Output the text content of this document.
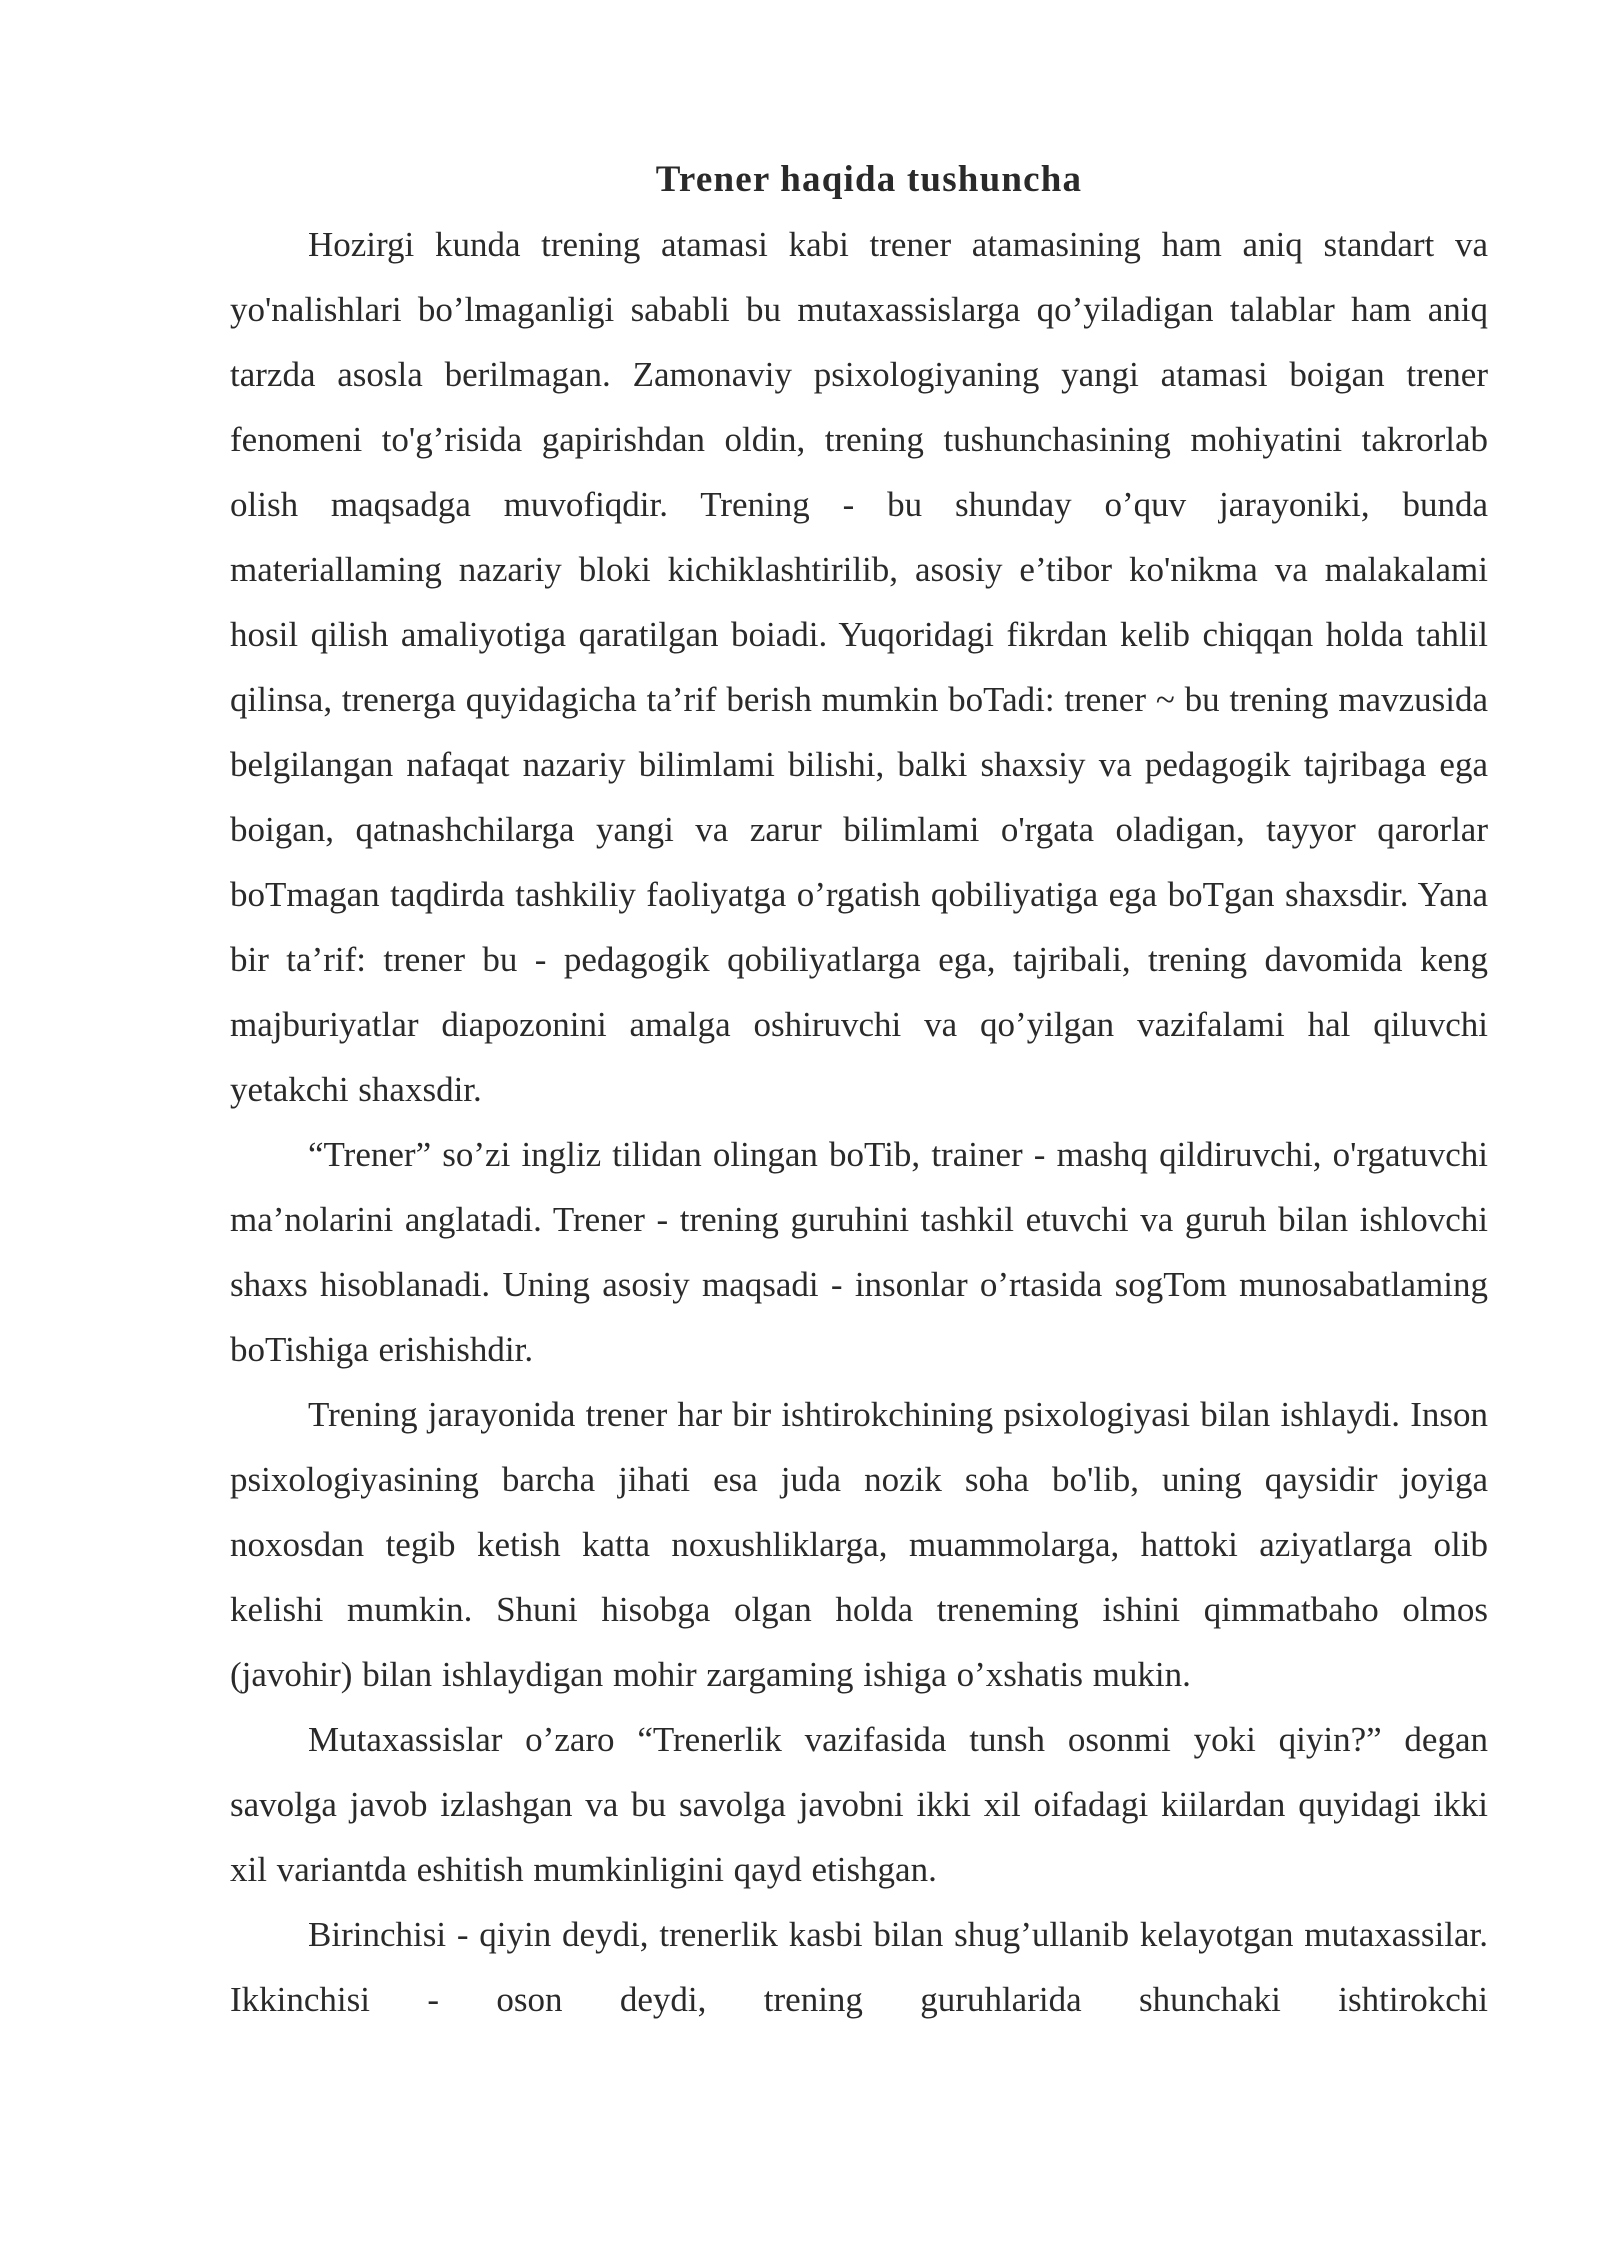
Trener haqida tushuncha

Hozirgi kunda trening atamasi kabi trener atamasining ham aniq standart va yo'nalishlari bo’lmaganligi sababli bu mutaxassislarga qo’yiladigan talablar ham aniq tarzda asosla berilmagan. Zamonaviy psixologiyaning yangi atamasi boigan trener fenomeni to'g’risida gapirishdan oldin, trening tushunchasining mohiyatini takrorlab olish maqsadga muvofiqdir. Trening - bu shunday o’quv jarayoniki, bunda materiallaming nazariy bloki kichiklashtirilib, asosiy e’tibor ko'nikma va malakalami hosil qilish amaliyotiga qaratilgan boiadi. Yuqoridagi fikrdan kelib chiqqan holda tahlil qilinsa, trenerga quyidagicha ta’rif berish mumkin boTadi: trener ~ bu trening mavzusida belgilangan nafaqat nazariy bilimlami bilishi, balki shaxsiy va pedagogik tajribaga ega boigan, qatnashchilarga yangi va zarur bilimlami o'rgata oladigan, tayyor qarorlar boTmagan taqdirda tashkiliy faoliyatga o’rgatish qobiliyatiga ega boTgan shaxsdir. Yana bir ta’rif: trener bu - pedagogik qobiliyatlarga ega, tajribali, trening davomida keng majburiyatlar diapozonini amalga oshiruvchi va qo’yilgan vazifalami hal qiluvchi yetakchi shaxsdir.

“Trener” so’zi ingliz tilidan olingan boTib, trainer - mashq qildiruvchi, o'rgatuvchi ma’nolarini anglatadi. Trener - trening guruhini tashkil etuvchi va guruh bilan ishlovchi shaxs hisoblanadi. Uning asosiy maqsadi - insonlar o’rtasida sogTom munosabatlaming boTishiga erishishdir.

Trening jarayonida trener har bir ishtirokchining psixologiyasi bilan ishlaydi. Inson psixologiyasining barcha jihati esa juda nozik soha bo'lib, uning qaysidir joyiga noxosdan tegib ketish katta noxushliklarga, muammolarga, hattoki aziyatlarga olib kelishi mumkin. Shuni hisobga olgan holda treneming ishini qimmatbaho olmos (javohir) bilan ishlaydigan mohir zargaming ishiga o’xshatis mukin.

Mutaxassislar o’zaro “Trenerlik vazifasida tunsh osonmi yoki qiyin?” degan savolga javob izlashgan va bu savolga javobni ikki xil oifadagi kiilardan quyidagi ikki xil variantda eshitish mumkinligini qayd etishgan.

Birinchisi - qiyin deydi, trenerlik kasbi bilan shug’ullanib kelayotgan mutaxassilar. Ikkinchisi - oson deydi, trening guruhlarida shunchaki ishtirokchi
